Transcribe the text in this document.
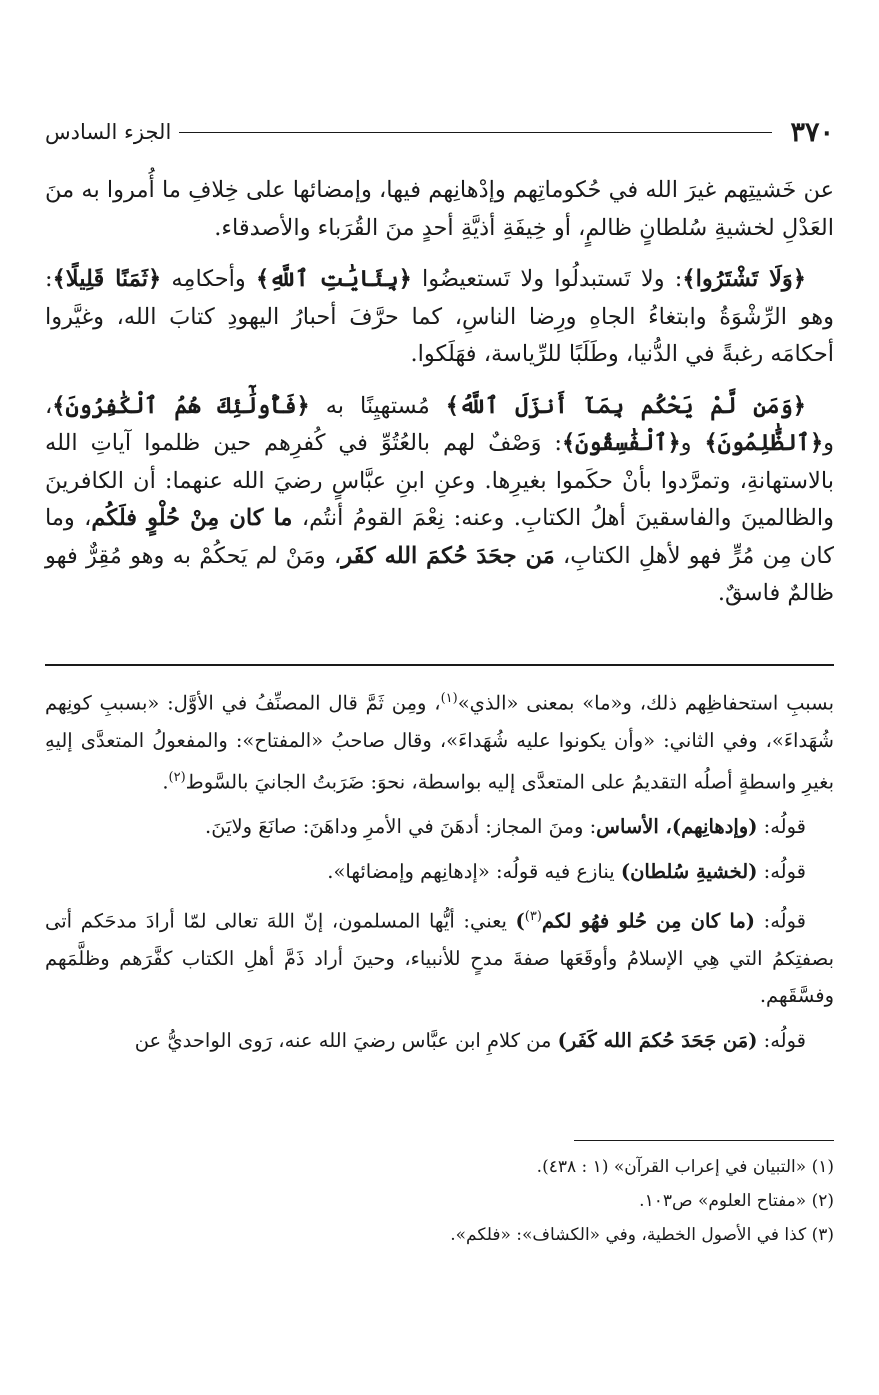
٣٧٠
الجزء السادس

عن خَشيتِهم غيرَ الله في حُكوماتِهم وإدْهانِهم فيها، وإمضائها على خِلافِ ما أُمروا به منَ العَدْلِ لخشيةِ سُلطانٍ ظالمٍ، أو خِيفَةِ أذيَّةِ أحدٍ منَ القُرَباء والأصدقاء.

﴿وَلَا تَشْتَرُوا﴾: ولا تَستبدلُوا ولا تَستعيضُوا ﴿بِئَايَٰتِ ٱللَّهِ﴾ وأحكامِه ﴿ثَمَنًا قَلِيلًا﴾: وهو الرِّشْوَةُ وابتغاءُ الجاهِ ورِضا الناسِ، كما حرَّفَ أحبارُ اليهودِ كتابَ الله، وغيَّروا أحكامَه رغبةً في الدُّنيا، وطَلَبًا للرِّياسة، فهَلَكوا.

﴿وَمَن لَّمْ يَحْكُم بِمَآ أَنزَلَ ٱللَّهُ﴾ مُستهيِنًا به ﴿فَأُولَٰٓئِكَ هُمُ ٱلْكَٰفِرُونَ﴾، و﴿ٱلظَّٰلِمُونَ﴾ و﴿ٱلْفَٰسِقُونَ﴾: وَصْفٌ لهم بالعُتُوِّ في كُفرِهم حين ظلموا آياتِ الله بالاستهانةِ، وتمرَّدوا بأنْ حكَموا بغيرِها. وعنِ ابنِ عبَّاسٍ رضيَ الله عنهما: أن الكافرينَ والظالمينَ والفاسقينَ أهلُ الكتابِ. وعنه: نِعْمَ القومُ أنتُم، ما كان مِنْ حُلْوٍ فلَكُم، وما كان مِن مُرٍّ فهو لأهلِ الكتابِ، مَن جحَدَ حُكمَ الله كفَر، ومَنْ لم يَحكُمْ به وهو مُقِرٌّ فهو ظالمٌ فاسقٌ.

بسببِ استحفاظِهم ذلك، و«ما» بمعنى «الذي»$^{(١)}$، ومِن ثَمَّ قال المصنِّفُ في الأوَّل: «بسببِ كونِهم شُهَداءَ»، وفي الثاني: «وأن يكونوا عليه شُهَداءَ»، وقال صاحبُ «المفتاح»: والمفعولُ المتعدَّى إليهِ بغيرِ واسطةٍ أصلُه التقديمُ على المتعدَّى إليه بواسطة، نحوَ: ضَرَبتُ الجانيَ بالسَّوط$^{(٢)}$.

قولُه: (وإدهانِهم)، الأساس: ومنَ المجاز: أدهَنَ في الأمرِ وداهَنَ: صانَعَ ولايَنَ.

قولُه: (لخشيةِ سُلطان) ينازع فيه قولُه: «إدهانِهم وإمضائها».

قولُه: (ما كان مِن حُلو فهُو لكم$^{(٣)}$) يعني: أيُّها المسلمون، إنّ اللهَ تعالى لمّا أرادَ مدحَكم أتى بصفتِكمُ التي هِي الإسلامُ وأوقَعَها صفةَ مدحٍ للأنبياء، وحينَ أراد ذَمَّ أهلِ الكتاب كفَّرَهم وظلَّمَهم وفسَّقَهم.

قولُه: (مَن جَحَدَ حُكمَ الله كَفَر) من كلامِ ابن عبَّاس رضيَ الله عنه، رَوى الواحديُّ عن

(١) «التبيان في إعراب القرآن» (١ : ٤٣٨).
(٢) «مفتاح العلوم» ص١٠٣.
(٣) كذا في الأصول الخطية، وفي «الكشاف»: «فلكم».
